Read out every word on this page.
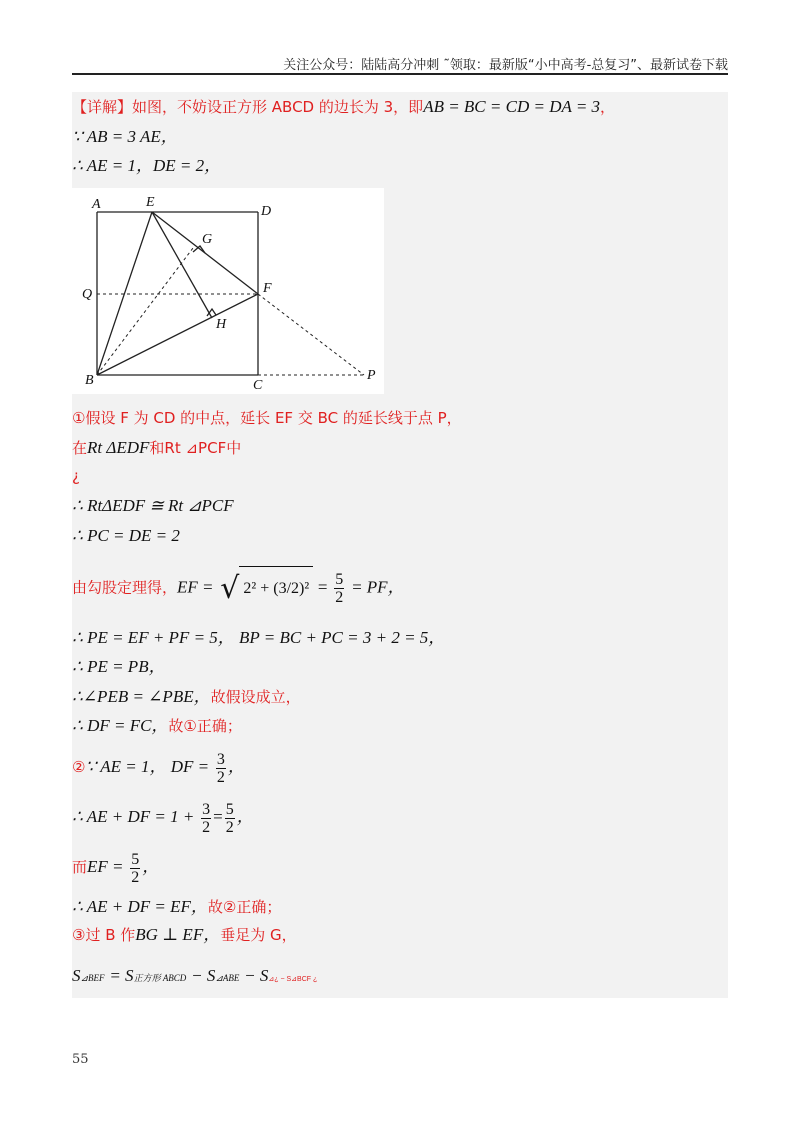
关注公众号：陆陆高分冲刺 ˜领取：最新版“小中高考-总复习”、最新试卷下载
【详解】如图，不妨设正方形 ABCD 的边长为 3，即AB = BC = CD = DA = 3，
∵ AB = 3 AE，
∴ AE = 1，DE = 2，
A	E
D
G
Q	F
H
B	C
P
①假设 F 为 CD 的中点，延长 EF 交 BC 的延长线于点 P，
在Rt ΔEDF和Rt ⊿PCF中
¿
∴ RtΔEDF ≅ Rt ⊿PCF
∴ PC = DE = 2
由勾股定理得，EF = √ $2^2 + (3/2)^2 = \frac{5}{2}$ = PF，
∴ PE = EF + PF = 5， BP = BC + PC = 3 + 2 = 5，
∴ PE = PB，
∴∠PEB = ∠PBE，故假设成立，
∴ DF = FC，故①正确；
②∵ AE = 1， DF = $\frac{3}{2}$ ，
∴ AE + DF = $1 + \frac{3}{2} = \frac{5}{2}$ ，
而EF = $\frac{5}{2}$ ，
∴ AE + DF = EF，故②正确；
③过 B 作BG ⊥ EF，垂足为 G，
S⊿BEF = S正方形 ABCD − S⊿ABE − S⊿¿ − S⊿BCF ¿
55
